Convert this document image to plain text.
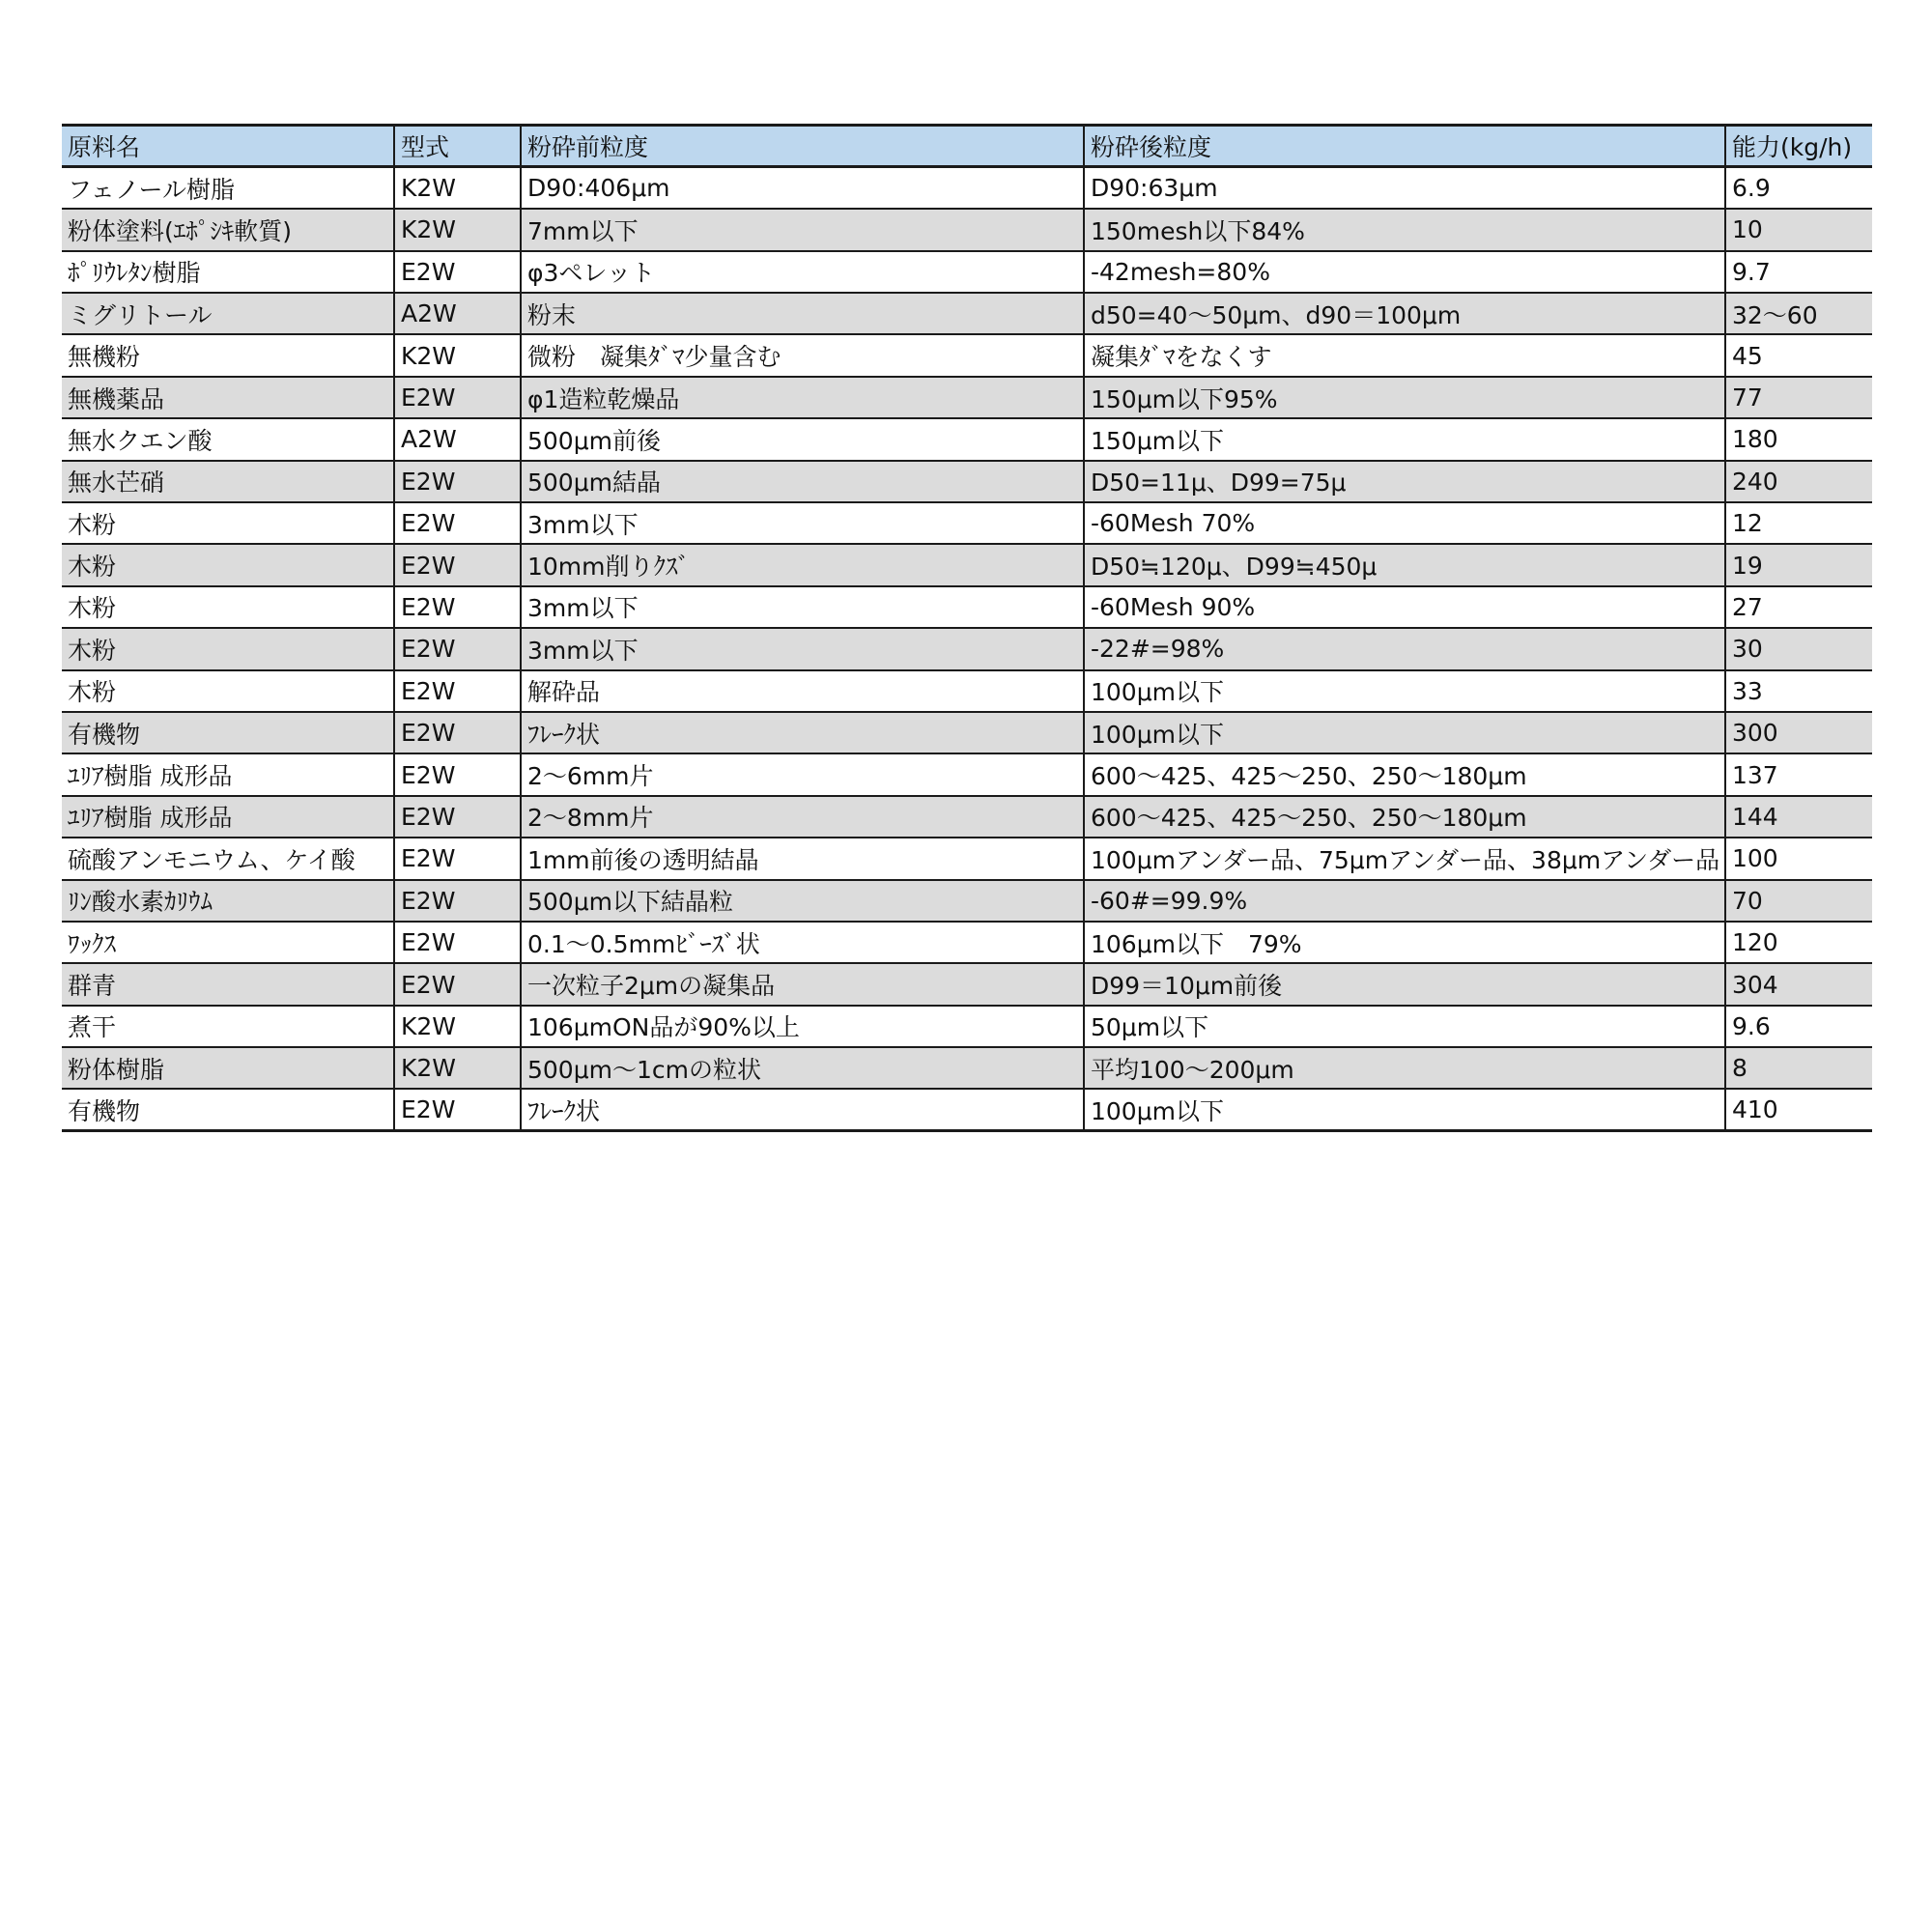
原料名	型式	粉砕前粒度	粉砕後粒度	能力(kg/h)
フェノール樹脂	K2W	D90:406μm	D90:63μm	6.9
粉体塗料(ｴﾎﾟｼｷ軟質)	K2W	7mm以下	150mesh以下84%	10
ﾎﾟﾘｳﾚﾀﾝ樹脂	E2W	φ3ペレット	-42mesh=80%	9.7
ミグリトール	A2W	粉末	d50=40～50μm、d90＝100μm	32～60
無機粉	K2W	微粉　凝集ﾀﾞﾏ少量含む	凝集ﾀﾞﾏをなくす	45
無機薬品	E2W	φ1造粒乾燥品	150μm以下95%	77
無水クエン酸	A2W	500μm前後	150μm以下	180
無水芒硝	E2W	500μm結晶	D50=11μ、D99=75μ	240
木粉	E2W	3mm以下	-60Mesh 70%	12
木粉	E2W	10mm削りｸｽﾞ	D50≒120μ、D99≒450μ	19
木粉	E2W	3mm以下	-60Mesh 90%	27
木粉	E2W	3mm以下	-22#=98%	30
木粉	E2W	解砕品	100μm以下	33
有機物	E2W	ﾌﾚｰｸ状	100μm以下	300
ﾕﾘｱ樹脂 成形品	E2W	2～6mm片	600～425、425～250、250～180μm	137
ﾕﾘｱ樹脂 成形品	E2W	2～8mm片	600～425、425～250、250～180μm	144
硫酸アンモニウム、ケイ酸	E2W	1mm前後の透明結晶	100μmアンダー品、75μmアンダー品、38μmアンダー品	100
ﾘﾝ酸水素ｶﾘｳﾑ	E2W	500μm以下結晶粒	-60#=99.9%	70
ﾜｯｸｽ	E2W	0.1～0.5mmﾋﾞｰｽﾞ状	106μm以下　79%	120
群青	E2W	一次粒子2μmの凝集品	D99＝10μm前後	304
煮干	K2W	106μmON品が90%以上	50μm以下	9.6
粉体樹脂	K2W	500μm～1cmの粒状	平均100～200μm	8
有機物	E2W	ﾌﾚｰｸ状	100μm以下	410
